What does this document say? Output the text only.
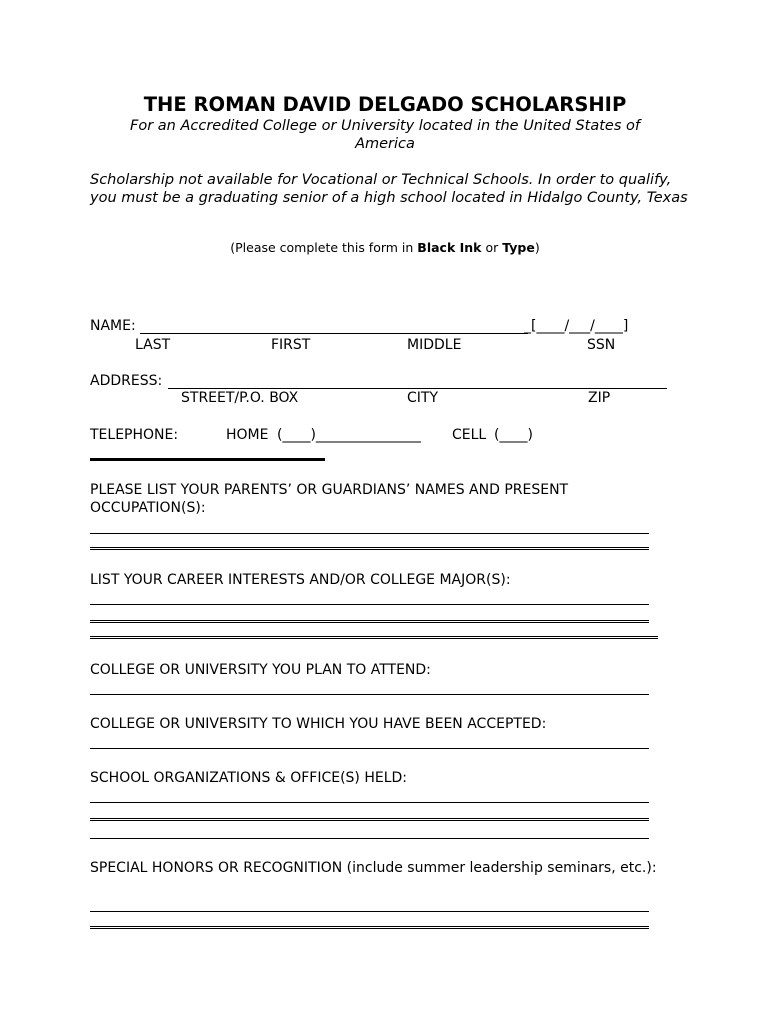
THE ROMAN DAVID DELGADO SCHOLARSHIP
For an Accredited College or University located in the United States of America
Scholarship not available for Vocational or Technical Schools. In order to qualify, you must be a graduating senior of a high school located in Hidalgo County, Texas
(Please complete this form in Black Ink or Type)
NAME:	_[____/___/____]
LAST	FIRST	MIDDLE	SSN
ADDRESS:
STREET/P.O. BOX	CITY	ZIP
TELEPHONE:	HOME (____)_______________ CELL (____)
PLEASE LIST YOUR PARENTS’ OR GUARDIANS’ NAMES AND PRESENT OCCUPATION(S):
LIST YOUR CAREER INTERESTS AND/OR COLLEGE MAJOR(S):
COLLEGE OR UNIVERSITY YOU PLAN TO ATTEND:
COLLEGE OR UNIVERSITY TO WHICH YOU HAVE BEEN ACCEPTED:
SCHOOL ORGANIZATIONS & OFFICE(S) HELD:
SPECIAL HONORS OR RECOGNITION (include summer leadership seminars, etc.):
